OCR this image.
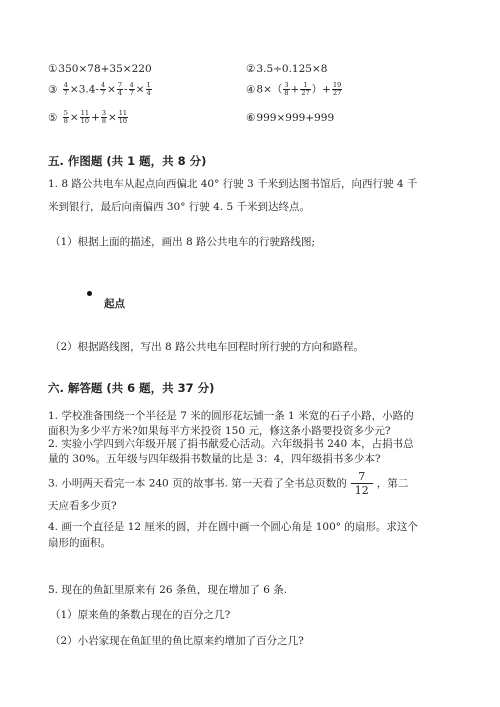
①350×78+35×220	②3.5÷0.125×8
③ $\frac{4}{7} \times 3.4- \frac{4}{7} \times \frac{7}{4} - \frac{4}{7} \times \frac{1}{4}$	④8×（ $\frac{3}{8} + \frac{1}{27}$ ）+ $\frac{19}{27}$
⑤ $\frac{5}{8} \times \frac{11}{10} + \frac{3}{8} \times \frac{11}{10}$	⑥999×999+999
五. 作图题 (共 1 题，共 8 分)
1. 8 路公共电车从起点向西偏北 40° 行驶 3 千米到达图书馆后，向西行驶 4 千
米到银行，最后向南偏西 30° 行驶 4. 5 千米到达终点。
（1）根据上面的描述，画出 8 路公共电车的行驶路线图;
起点
（2）根据路线图，写出 8 路公共电车回程时所行驶的方向和路程。
六. 解答题 (共 6 题，共 37 分)
1. 学校准备围绕一个半径是 7 米的圆形花坛铺一条 1 米宽的石子小路，小路的
面积为多少平方米?如果每平方米投资 150 元，修这条小路要投资多少元?
2. 实验小学四到六年级开展了捐书献爱心活动。六年级捐书 240 本，占捐书总
量的 30%。五年级与四年级捐书数量的比是 3：4，四年级捐书多少本?
3. 小明两天看完一本 240 页的故事书. 第一天看了全书总页数的 $\frac{7}{12}$ ，第二
天应看多少页?
4. 画一个直径是 12 厘米的圆，并在圆中画一个圆心角是 100° 的扇形。求这个
扇形的面积。
5. 现在的鱼缸里原来有 26 条鱼，现在增加了 6 条.
（1）原来鱼的条数占现在的百分之几?
（2）小岩家现在鱼缸里的鱼比原来约增加了百分之几?
